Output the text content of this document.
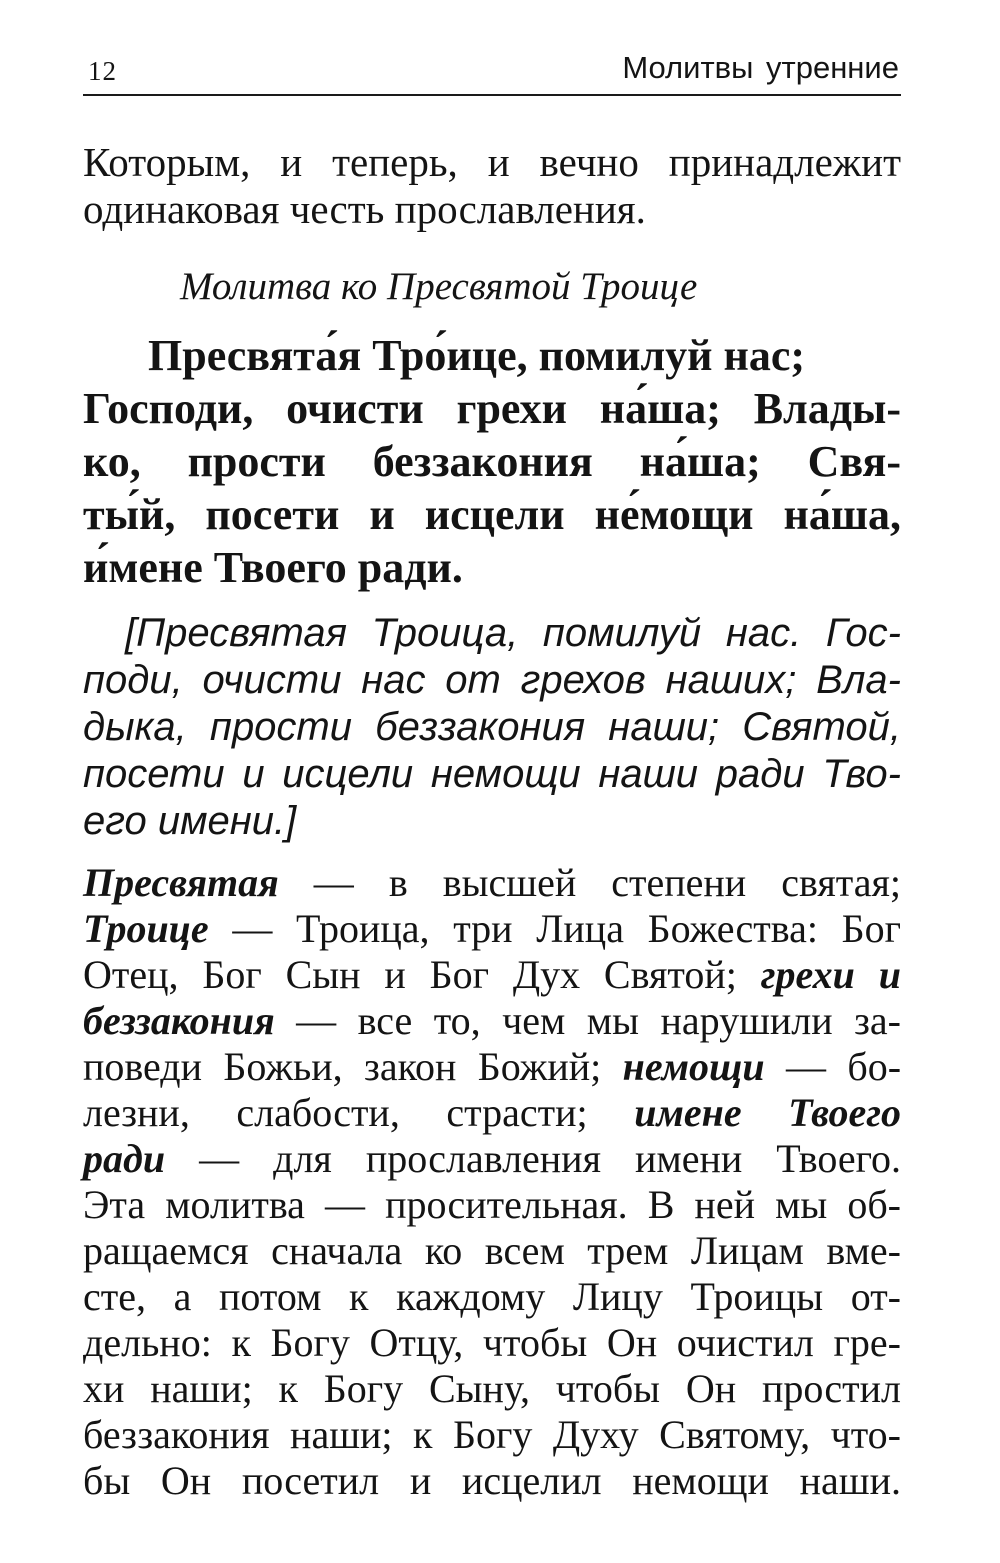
12	Молитвы утренние
Которым, и теперь, и вечно принадлежит
одинаковая честь прославления.
Молитва ко Пресвятой Троице
Пресвята́я Тро́ице, помилуй нас;
Господи, очисти грехи на́ша; Влады-
ко, прости беззакония на́ша; Свя-
ты́й, посети и исцели не́мощи на́ша,
и́мене Твоего ради.
[Пресвятая Троица, помилуй нас. Гос-
поди, очисти нас от грехов наших; Вла-
дыка, прости беззакония наши; Святой,
посети и исцели немощи наши ради Тво-
его имени.]
Пресвятая — в высшей степени святая;
Троице — Троица, три Лица Божества: Бог
Отец, Бог Сын и Бог Дух Святой; грехи и
беззакония — все то, чем мы нарушили за-
поведи Божьи, закон Божий; немощи — бо-
лезни, слабости, страсти; имене Твоего
ради — для прославления имени Твоего.
Эта молитва — просительная. В ней мы об-
ращаемся сначала ко всем трем Лицам вме-
сте, а потом к каждому Лицу Троицы от-
дельно: к Богу Отцу, чтобы Он очистил гре-
хи наши; к Богу Сыну, чтобы Он простил
беззакония наши; к Богу Духу Святому, что-
бы Он посетил и исцелил немощи наши.
